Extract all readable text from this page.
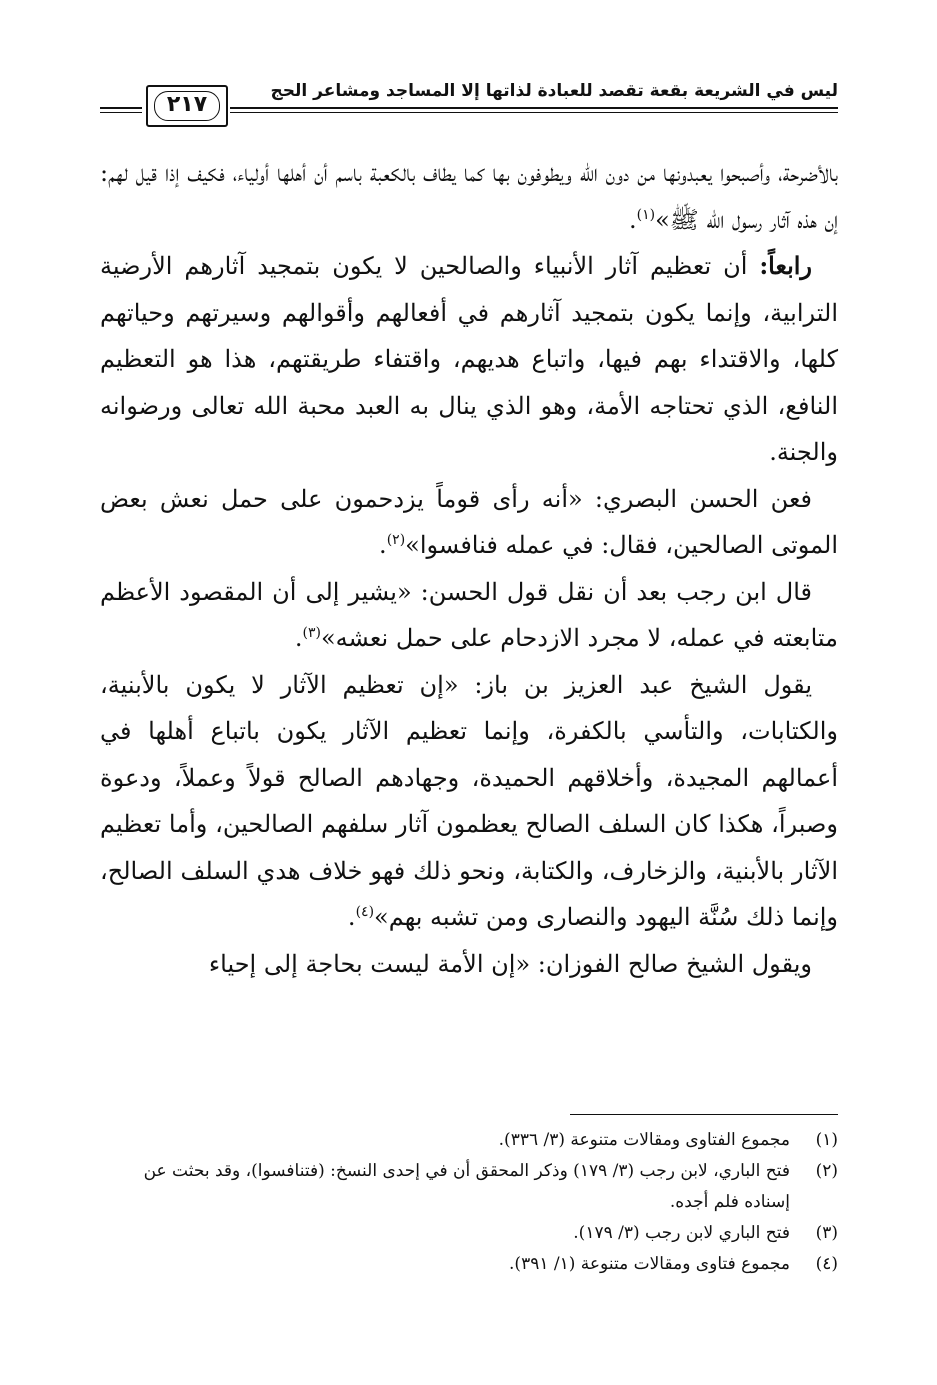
ليس في الشريعة بقعة تقصد للعبادة لذاتها إلا المساجد ومشاعر الحج
٢١٧

بالأضرحة، وأصبحوا يعبدونها من دون الله ويطوفون بها كما يطاف بالكعبة باسم أن أهلها أولياء، فكيف إذا قيل لهم: إن هذه آثار رسول الله ﷺ»$^{(١)}$.

رابعاً: أن تعظيم آثار الأنبياء والصالحين لا يكون بتمجيد آثارهم الأرضية الترابية، وإنما يكون بتمجيد آثارهم في أفعالهم وأقوالهم وسيرتهم وحياتهم كلها، والاقتداء بهم فيها، واتباع هديهم، واقتفاء طريقتهم، هذا هو التعظيم النافع، الذي تحتاجه الأمة، وهو الذي ينال به العبد محبة الله تعالى ورضوانه والجنة.

فعن الحسن البصري: «أنه رأى قوماً يزدحمون على حمل نعش بعض الموتى الصالحين، فقال: في عمله فنافسوا»$^{(٢)}$.

قال ابن رجب بعد أن نقل قول الحسن: «يشير إلى أن المقصود الأعظم متابعته في عمله، لا مجرد الازدحام على حمل نعشه»$^{(٣)}$.

يقول الشيخ عبد العزيز بن باز: «إن تعظيم الآثار لا يكون بالأبنية، والكتابات، والتأسي بالكفرة، وإنما تعظيم الآثار يكون باتباع أهلها في أعمالهم المجيدة، وأخلاقهم الحميدة، وجهادهم الصالح قولاً وعملاً، ودعوة وصبراً، هكذا كان السلف الصالح يعظمون آثار سلفهم الصالحين، وأما تعظيم الآثار بالأبنية، والزخارف، والكتابة، ونحو ذلك فهو خلاف هدي السلف الصالح، وإنما ذلك سُنَّة اليهود والنصارى ومن تشبه بهم»$^{(٤)}$.

ويقول الشيخ صالح الفوزان: «إن الأمة ليست بحاجة إلى إحياء

(١)
مجموع الفتاوى ومقالات متنوعة (٣/ ٣٣٦).
(٢)
فتح الباري، لابن رجب (٣/ ١٧٩) وذكر المحقق أن في إحدى النسخ: (فتنافسوا)، وقد بحثت عن إسناده فلم أجده.
(٣)
فتح الباري لابن رجب (٣/ ١٧٩).
(٤)
مجموع فتاوى ومقالات متنوعة (١/ ٣٩١).
